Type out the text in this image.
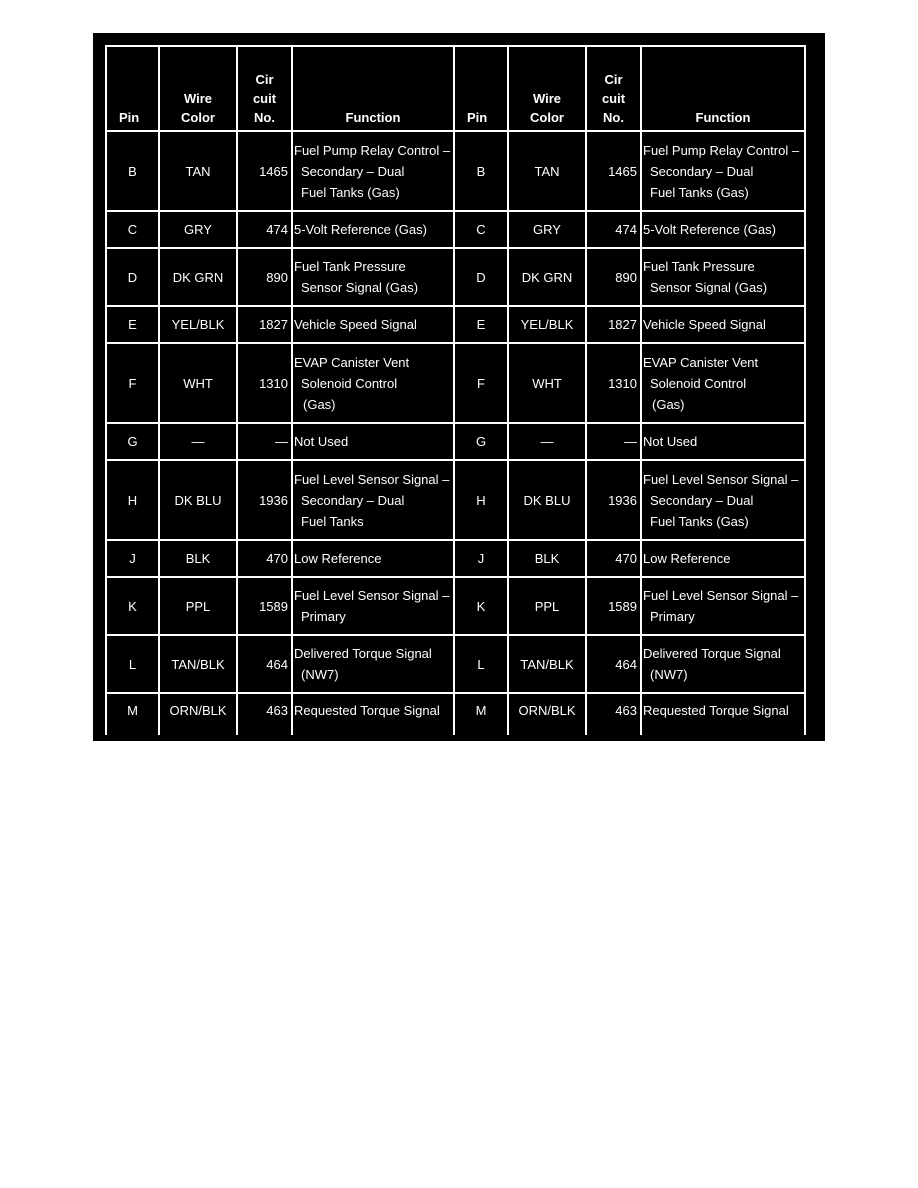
Pin	Wire
Color	Cir
cuit
No.	Function	Pin	Wire
Color	Cir
cuit
No.	Function
B	TAN	1465	Fuel Pump Relay Control –
Secondary – Dual
Fuel Tanks (Gas)	B	TAN	1465	Fuel Pump Relay Control –
Secondary – Dual
Fuel Tanks (Gas)

C	GRY	474	5-Volt Reference (Gas)	C	GRY	474	5-Volt Reference (Gas)

D	DK GRN	890	Fuel Tank Pressure
Sensor Signal (Gas)	D	DK GRN	890	Fuel Tank Pressure
Sensor Signal (Gas)

E	YEL/BLK	1827	Vehicle Speed Signal	E	YEL/BLK	1827	Vehicle Speed Signal

F	WHT	1310	EVAP Canister Vent
Solenoid Control
(Gas)	F	WHT	1310	EVAP Canister Vent
Solenoid Control
(Gas)

G	—	—	Not Used	G	—	—	Not Used

H	DK BLU	1936	Fuel Level Sensor Signal –
Secondary – Dual
Fuel Tanks	H	DK BLU	1936	Fuel Level Sensor Signal –
Secondary – Dual
Fuel Tanks (Gas)

J	BLK	470	Low Reference	J	BLK	470	Low Reference

K	PPL	1589	Fuel Level Sensor Signal –
Primary	K	PPL	1589	Fuel Level Sensor Signal –
Primary

L	TAN/BLK	464	Delivered Torque Signal
(NW7)	L	TAN/BLK	464	Delivered Torque Signal
(NW7)

M	ORN/BLK	463	Requested Torque Signal	M	ORN/BLK	463	Requested Torque Signal
